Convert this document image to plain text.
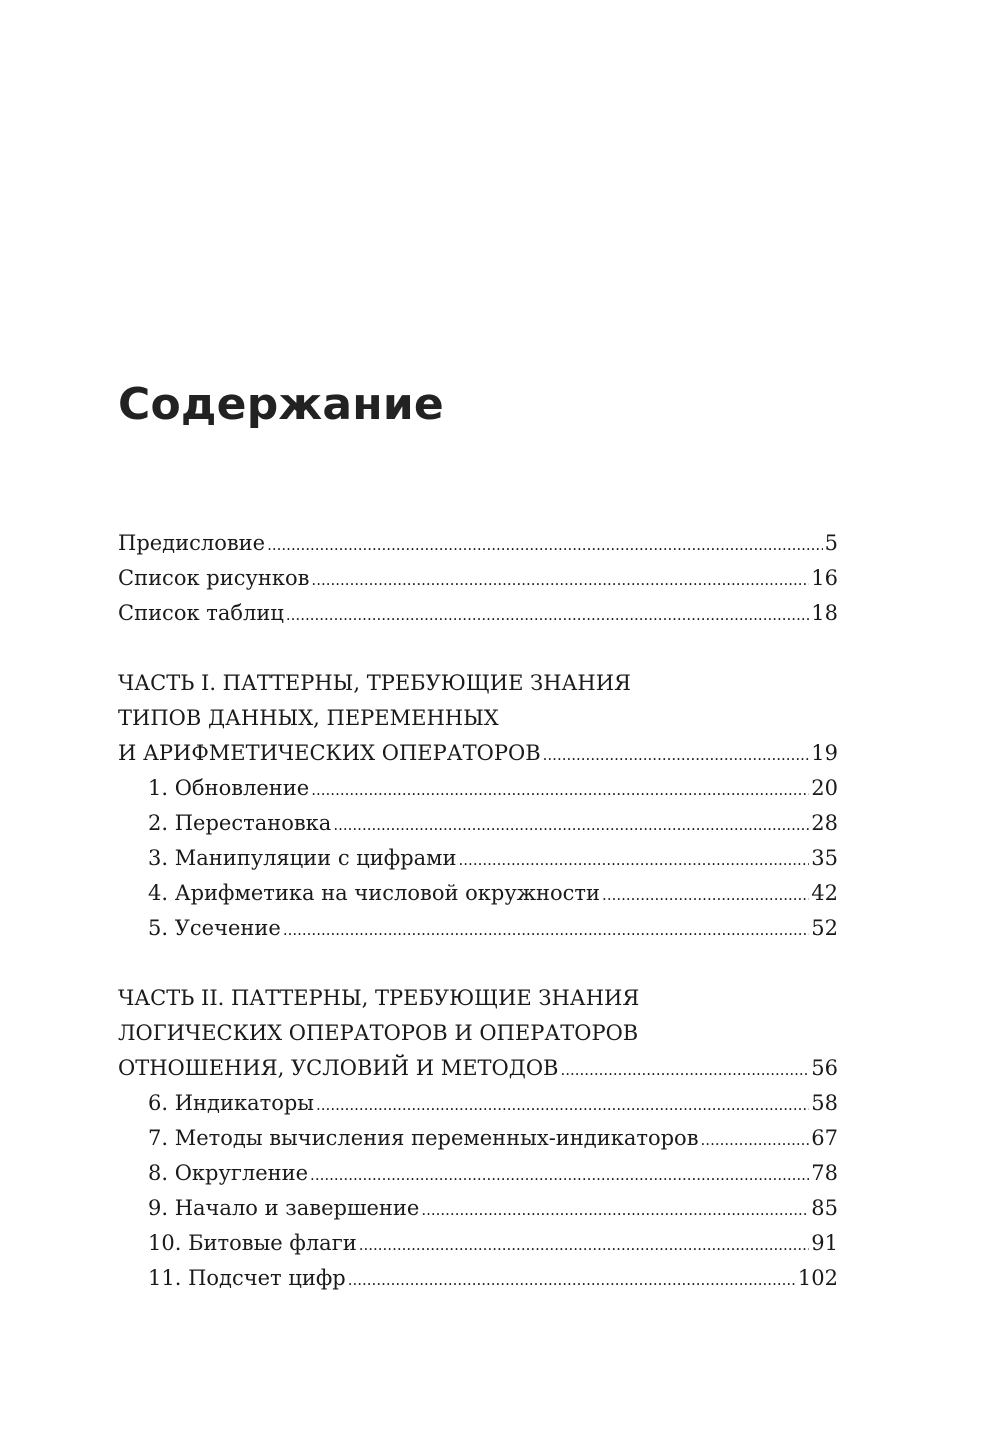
Содержание
Предисловие .....	5
Список рисунков .....	16
Список таблиц .....	18
ЧАСТЬ I. ПАТТЕРНЫ, ТРЕБУЮЩИЕ ЗНАНИЯ
ТИПОВ ДАННЫХ, ПЕРЕМЕННЫХ
И АРИФМЕТИЧЕСКИХ ОПЕРАТОРОВ .....	19
1. Обновление .....	20
2. Перестановка .....	28
3. Манипуляции с цифрами .....	35
4. Арифметика на числовой окружности .....	42
5. Усечение .....	52
ЧАСТЬ II. ПАТТЕРНЫ, ТРЕБУЮЩИЕ ЗНАНИЯ
ЛОГИЧЕСКИХ ОПЕРАТОРОВ И ОПЕРАТОРОВ
ОТНОШЕНИЯ, УСЛОВИЙ И МЕТОДОВ .....	56
6. Индикаторы .....	58
7. Методы вычисления переменных-индикаторов .....	67
8. Округление .....	78
9. Начало и завершение .....	85
10. Битовые флаги .....	91
11. Подсчет цифр .....	102
